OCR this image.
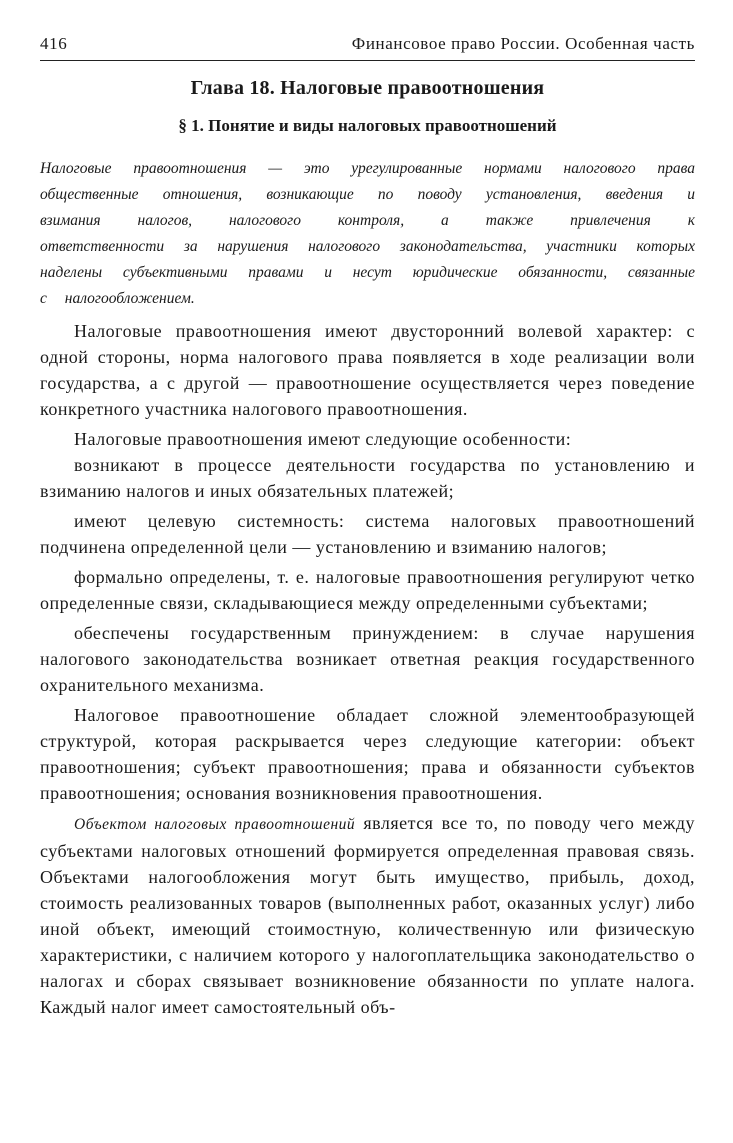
416	Финансовое право России. Особенная часть
Глава 18. Налоговые правоотношения
§ 1. Понятие и виды налоговых правоотношений

Налоговые правоотношения — это урегулированные нормами налогового права общественные отношения, возникающие по поводу установления, введения и взимания налогов, налогового контроля, а также привлечения к ответственности за нарушения налогового законодательства, участники которых наделены субъективными правами и несут юридические обязанности, связанные с налогообложением.

Налоговые правоотношения имеют двусторонний волевой характер: с одной стороны, норма налогового права появляется в ходе реализации воли государства, а с другой — правоотношение осуществляется через поведение конкретного участника налогового правоотношения.

Налоговые правоотношения имеют следующие особенности:

возникают в процессе деятельности государства по установлению и взиманию налогов и иных обязательных платежей;

имеют целевую системность: система налоговых правоотношений подчинена определенной цели — установлению и взиманию налогов;

формально определены, т. е. налоговые правоотношения регулируют четко определенные связи, складывающиеся между определенными субъектами;

обеспечены государственным принуждением: в случае нарушения налогового законодательства возникает ответная реакция государственного охранительного механизма.

Налоговое правоотношение обладает сложной элементообразующей структурой, которая раскрывается через следующие категории: объект правоотношения; субъект правоотношения; права и обязанности субъектов правоотношения; основания возникновения правоотношения.

Объектом налоговых правоотношений является все то, по поводу чего между субъектами налоговых отношений формируется определенная правовая связь. Объектами налогообложения могут быть имущество, прибыль, доход, стоимость реализованных товаров (выполненных работ, оказанных услуг) либо иной объект, имеющий стоимостную, количественную или физическую характеристики, с наличием которого у налогоплательщика законодательство о налогах и сборах связывает возникновение обязанности по уплате налога. Каждый налог имеет самостоятельный объ-
